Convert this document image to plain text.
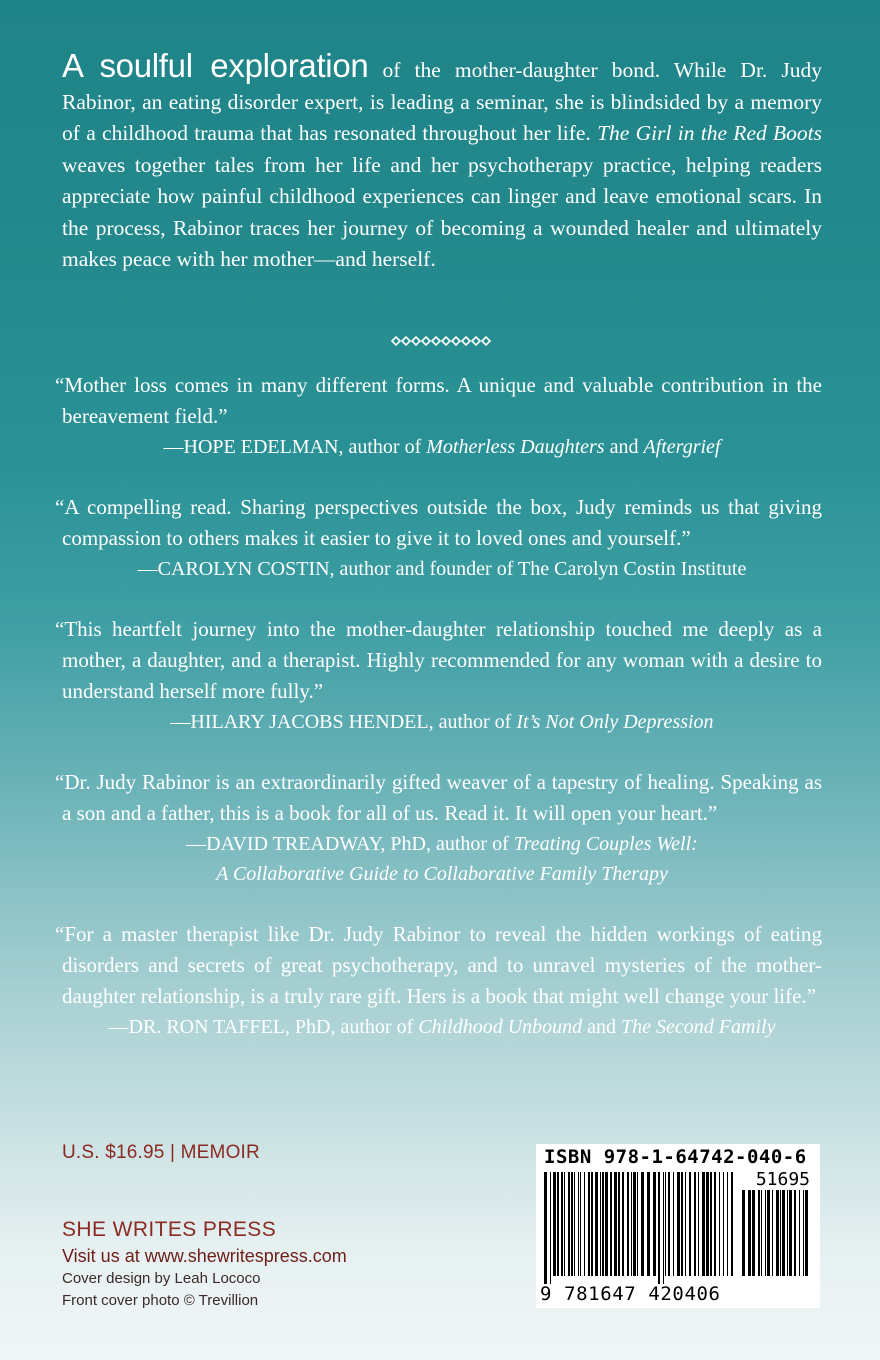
A soulful exploration of the mother-daughter bond. While Dr. Judy Rabinor, an eating disorder expert, is leading a seminar, she is blindsided by a memory of a childhood trauma that has resonated throughout her life. The Girl in the Red Boots weaves together tales from her life and her psychotherapy practice, helping readers appreciate how painful childhood experiences can linger and leave emotional scars. In the process, Rabinor traces her journey of becoming a wounded healer and ultimately makes peace with her mother—and herself.

“Mother loss comes in many different forms. A unique and valuable contribution in the bereavement field.”

—HOPE EDELMAN, author of Motherless Daughters and Aftergrief

“A compelling read. Sharing perspectives outside the box, Judy reminds us that giving compassion to others makes it easier to give it to loved ones and yourself.”

—CAROLYN COSTIN, author and founder of The Carolyn Costin Institute

“This heartfelt journey into the mother-daughter relationship touched me deeply as a mother, a daughter, and a therapist. Highly recommended for any woman with a desire to understand herself more fully.”

—HILARY JACOBS HENDEL, author of It’s Not Only Depression

“Dr. Judy Rabinor is an extraordinarily gifted weaver of a tapestry of healing. Speaking as a son and a father, this is a book for all of us. Read it. It will open your heart.”

—DAVID TREADWAY, PhD, author of Treating Couples Well:
A Collaborative Guide to Collaborative Family Therapy

“For a master therapist like Dr. Judy Rabinor to reveal the hidden workings of eating disorders and secrets of great psychotherapy, and to unravel mysteries of the mother-daughter relationship, is a truly rare gift. Hers is a book that might well change your life.”

—DR. RON TAFFEL, PhD, author of Childhood Unbound and The Second Family
U.S. $16.95 | MEMOIR
SHE WRITES PRESS
Visit us at www.shewritespress.com
Cover design by Leah Lococo
Front cover photo © Trevillion
ISBN 978-1-64742-040-6
51695
9 781647 420406
